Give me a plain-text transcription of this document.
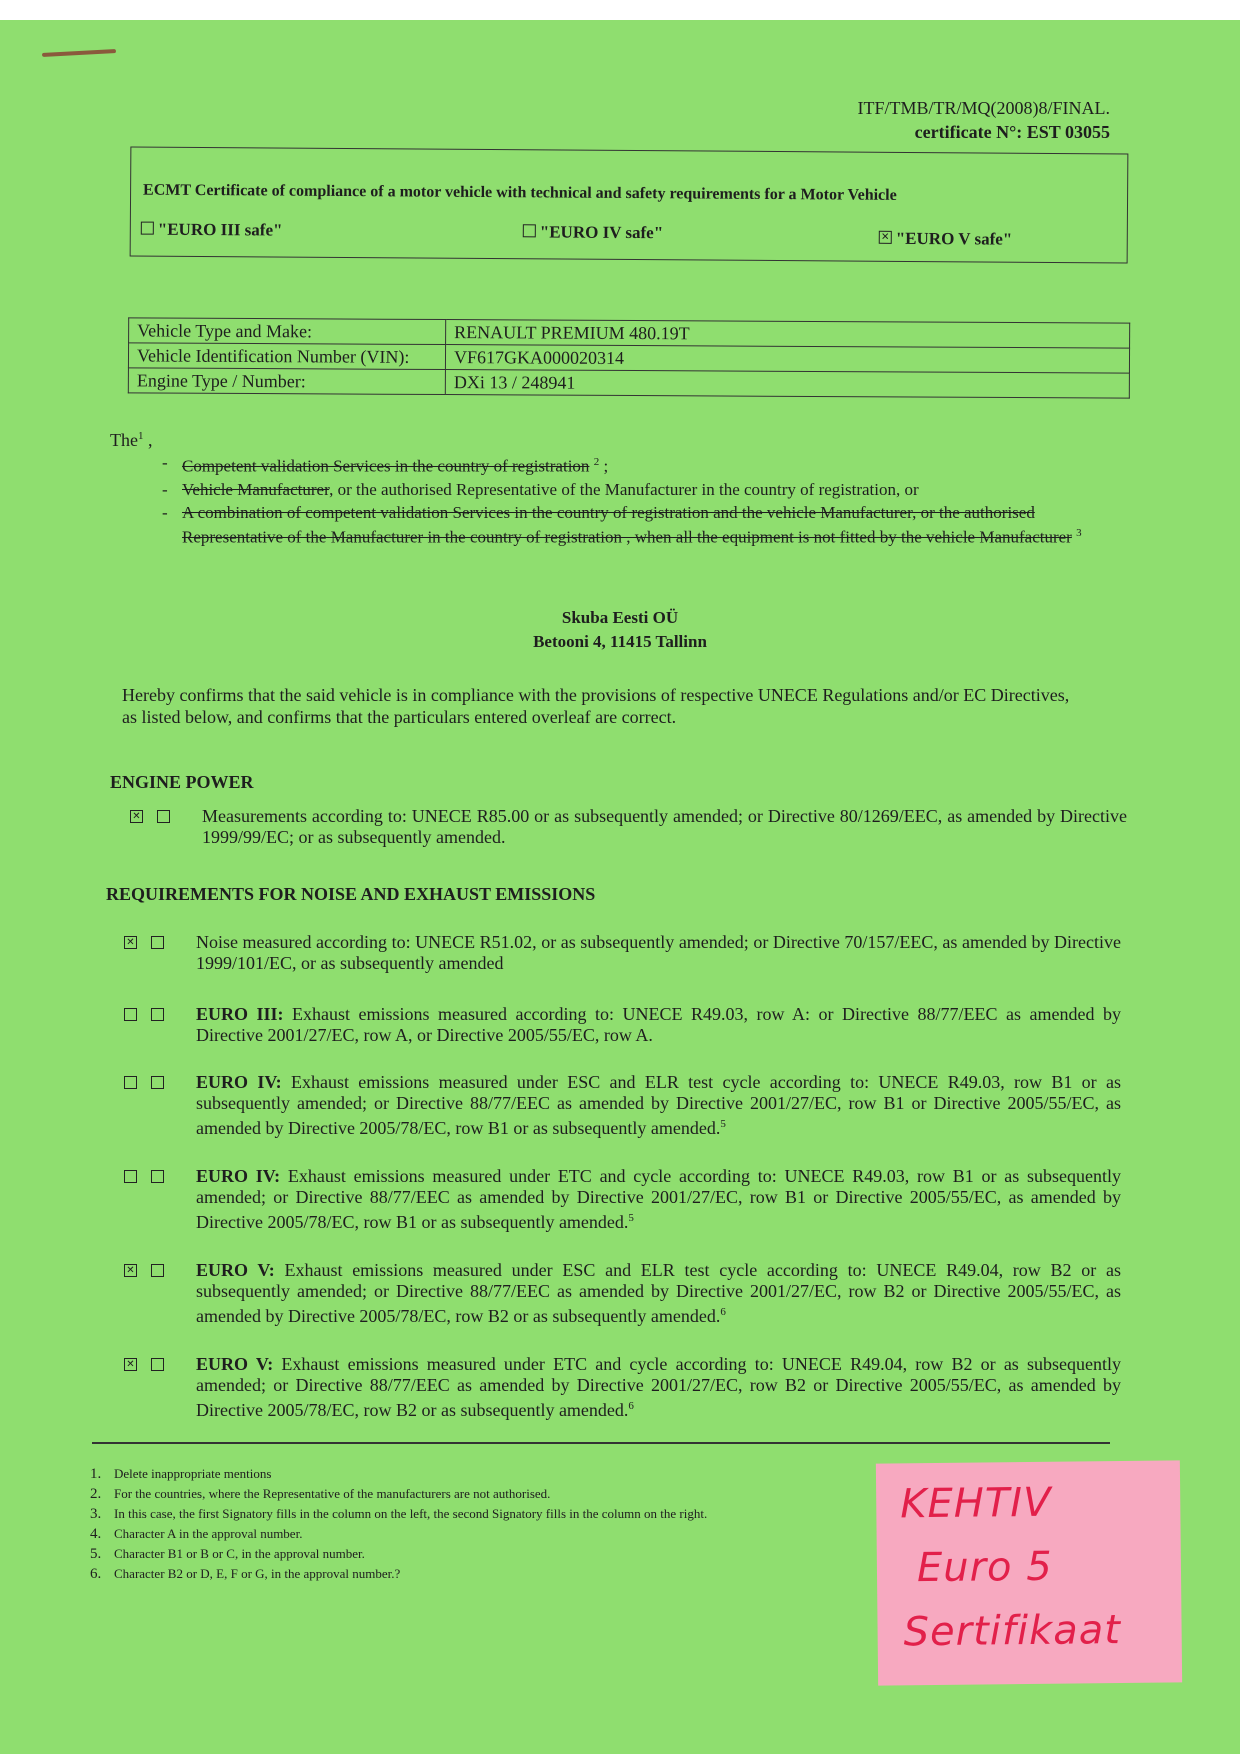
ITF/TMB/TR/MQ(2008)8/FINAL.
certificate N°: EST 03055
ECMT Certificate of compliance of a motor vehicle with technical and safety requirements for a Motor Vehicle
"EURO III safe"	"EURO IV safe" ✕	"EURO V safe"
Vehicle Type and Make:	RENAULT PREMIUM 480.19T
Vehicle Identification Number (VIN):	VF617GKA000020314
Engine Type / Number:	DXi 13 / 248941
The$^1$ ,
- Competent validation Services in the country of registration $^2$ ;
- Vehicle Manufacturer, or the authorised Representative of the Manufacturer in the country of registration, or
- A combination of competent validation Services in the country of registration and the vehicle Manufacturer, or the authorised Representative of the Manufacturer in the country of registration , when all the equipment is not fitted by the vehicle Manufacturer $^3$
Skuba Eesti OÜ
Betooni 4, 11415 Tallinn
Hereby confirms that the said vehicle is in compliance with the provisions of respective UNECE Regulations and/or EC Directives, as listed below, and confirms that the particulars entered overleaf are correct.
ENGINE POWER
✕
Measurements according to: UNECE R85.00 or as subsequently amended; or Directive 80/1269/EEC, as amended by Directive 1999/99/EC; or as subsequently amended.
REQUIREMENTS FOR NOISE AND EXHAUST EMISSIONS
✕
Noise measured according to: UNECE R51.02, or as subsequently amended; or Directive 70/157/EEC, as amended by Directive 1999/101/EC, or as subsequently amended
EURO III: Exhaust emissions measured according to: UNECE R49.03, row A: or Directive 88/77/EEC as amended by Directive 2001/27/EC, row A, or Directive 2005/55/EC, row A.
EURO IV: Exhaust emissions measured under ESC and ELR test cycle according to: UNECE R49.03, row B1 or as subsequently amended; or Directive 88/77/EEC as amended by Directive 2001/27/EC, row B1 or Directive 2005/55/EC, as amended by Directive 2005/78/EC, row B1 or as subsequently amended.$^5$
EURO IV: Exhaust emissions measured under ETC and cycle according to: UNECE R49.03, row B1 or as subsequently amended; or Directive 88/77/EEC as amended by Directive 2001/27/EC, row B1 or Directive 2005/55/EC, as amended by Directive 2005/78/EC, row B1 or as subsequently amended.$^5$
✕
EURO V: Exhaust emissions measured under ESC and ELR test cycle according to: UNECE R49.04, row B2 or as subsequently amended; or Directive 88/77/EEC as amended by Directive 2001/27/EC, row B2 or Directive 2005/55/EC, as amended by Directive 2005/78/EC, row B2 or as subsequently amended.$^6$
✕
EURO V: Exhaust emissions measured under ETC and cycle according to: UNECE R49.04, row B2 or as subsequently amended; or Directive 88/77/EEC as amended by Directive 2001/27/EC, row B2 or Directive 2005/55/EC, as amended by Directive 2005/78/EC, row B2 or as subsequently amended.$^6$
1. Delete inappropriate mentions
2. For the countries, where the Representative of the manufacturers are not authorised.
3. In this case, the first Signatory fills in the column on the left, the second Signatory fills in the column on the right.
4. Character A in the approval number.
5. Character B1 or B or C, in the approval number.
6. Character B2 or D, E, F or G, in the approval number.?
KEHTIV
Euro 5
Sertifikaat
